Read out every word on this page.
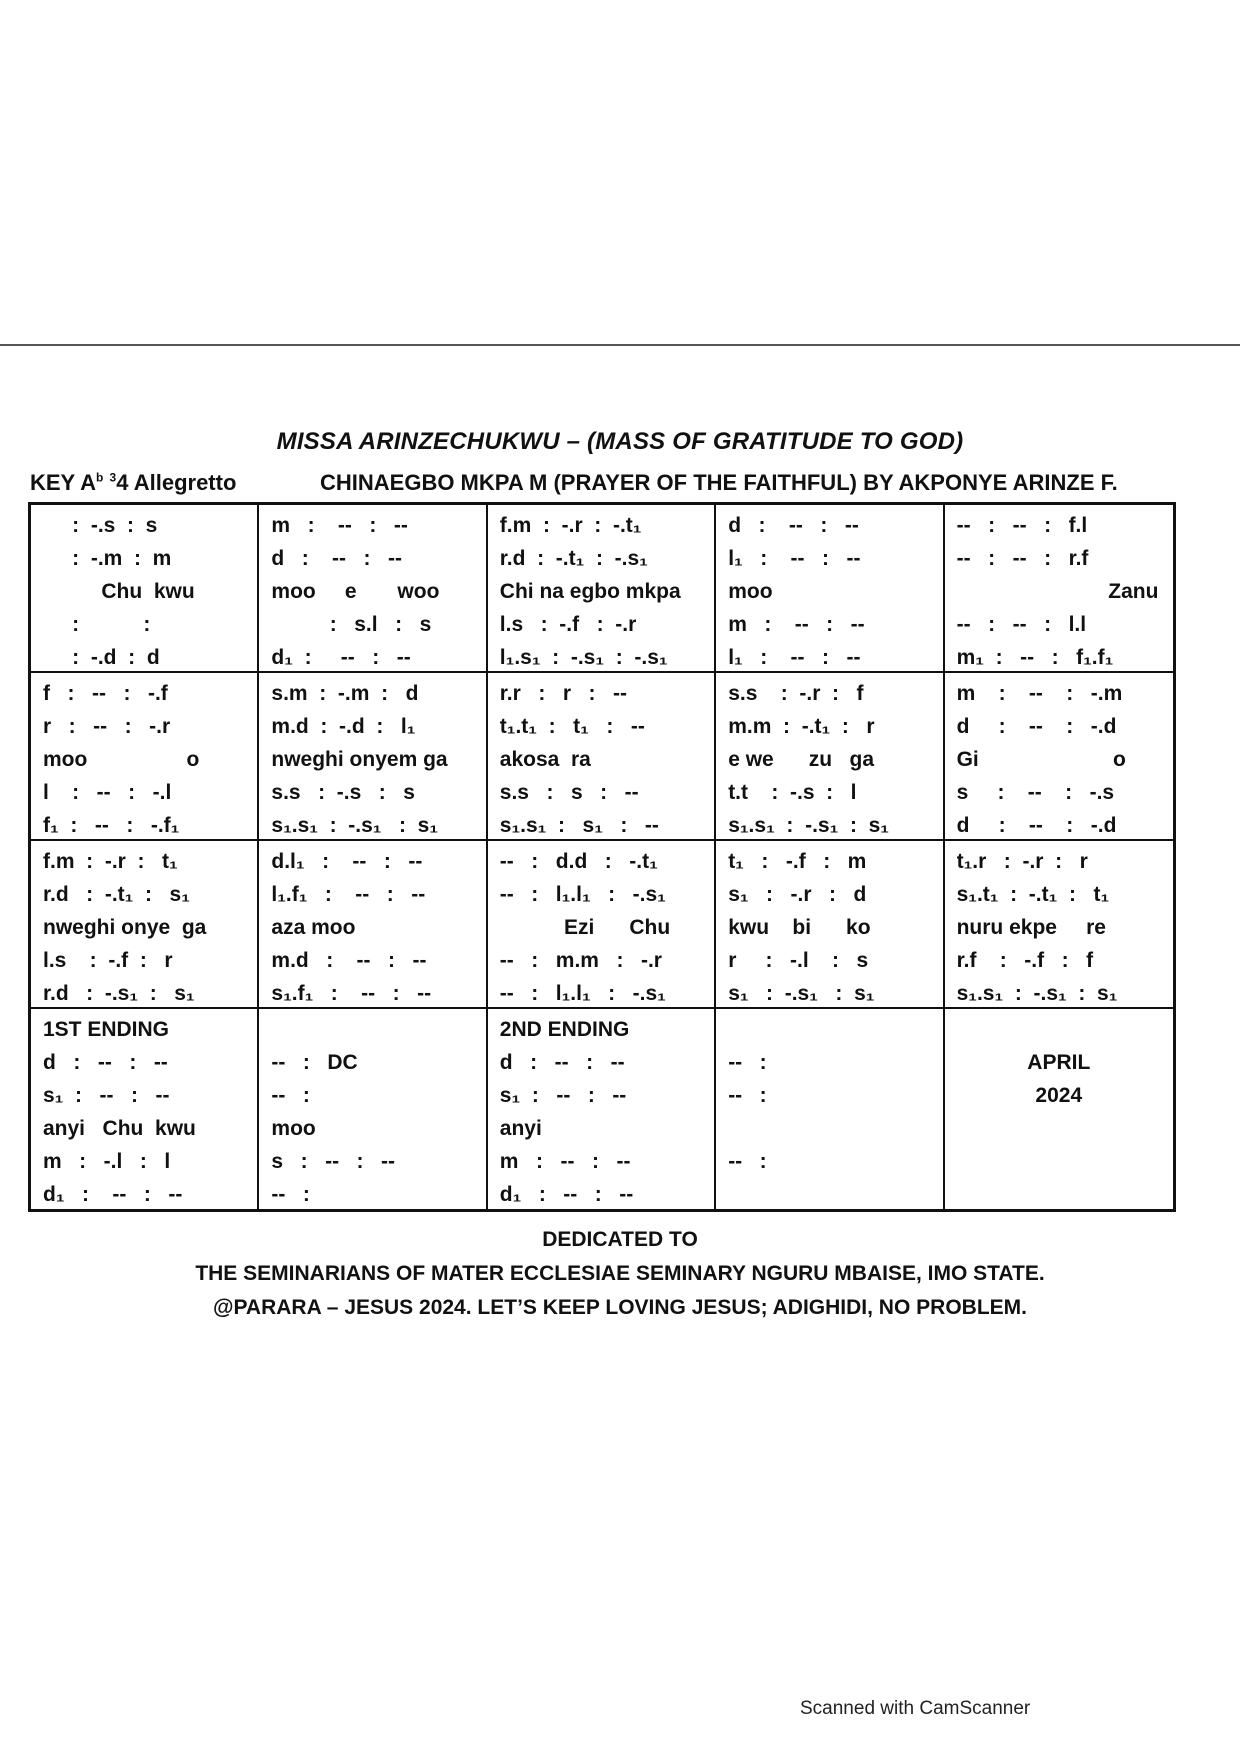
MISSA ARINZECHUKWU – (MASS OF GRATITUDE TO GOD)
KEY $A^b$ $^3$4 Allegretto	CHINAEGBO MKPA M (PRAYER OF THE FAITHFUL) BY AKPONYE ARINZE F.
:  -.s  :  s
:  -.m  :  m
Chu  kwu
:           :
:  -.d  :  d
m   :    --   :   --
d   :    --   :   --
moo     e       woo
:   s.l   :   s
d₁  :     --   :   --
f.m  :  -.r  :  -.t₁
r.d  :  -.t₁  :  -.s₁
Chi na egbo mkpa
l.s   :  -.f   :  -.r
l₁.s₁  :  -.s₁  :  -.s₁
d   :    --   :   --
l₁   :    --   :   --
moo
m   :    --   :   --
l₁   :    --   :   --
--   :   --   :   f.l
--   :   --   :   r.f
Zanu
--   :   --   :   l.l
m₁  :   --   :   f₁.f₁
f   :   --   :   -.f
r   :   --   :   -.r
moo                 o
l    :   --   :   -.l
f₁  :   --   :   -.f₁
s.m  :  -.m  :   d
m.d  :  -.d  :   l₁
nweghi onyem ga
s.s   :  -.s   :   s
s₁.s₁  :  -.s₁   :  s₁
r.r   :   r   :   --
t₁.t₁  :   t₁   :   --
akosa  ra
s.s   :   s   :   --
s₁.s₁  :   s₁   :   --
s.s    :  -.r  :   f
m.m  :  -.t₁  :   r
e we      zu   ga
t.t    :  -.s  :   l
s₁.s₁  :  -.s₁  :  s₁
m    :    --    :   -.m
d     :    --    :   -.d
Gi                       o
s     :    --    :   -.s
d     :    --    :   -.d
f.m  :  -.r  :   t₁
r.d   :  -.t₁  :   s₁
nweghi onye  ga
l.s    :  -.f  :   r
r.d   :  -.s₁  :   s₁
d.l₁   :    --   :   --
l₁.f₁   :    --   :   --
aza moo
m.d   :    --   :   --
s₁.f₁   :    --   :   --
--   :   d.d   :   -.t₁
--   :   l₁.l₁   :   -.s₁
Ezi      Chu
--   :   m.m   :   -.r
--   :   l₁.l₁   :   -.s₁
t₁   :   -.f   :   m
s₁   :   -.r   :   d
kwu    bi      ko
r     :   -.l    :   s
s₁   :  -.s₁   :  s₁
t₁.r   :  -.r  :   r
s₁.t₁  :  -.t₁  :   t₁
nuru ekpe     re
r.f    :   -.f   :   f
s₁.s₁  :  -.s₁  :  s₁
1ST ENDING
d   :   --   :   --
s₁  :   --   :   --
anyi   Chu  kwu
m   :   -.l   :   l
d₁   :    --   :   --
--   :   DC
--   :
moo
s   :   --   :   --
--   :
2ND ENDING
d   :   --   :   --
s₁  :   --   :   --
anyi
m   :   --   :   --
d₁   :   --   :   --
--   :
--   :
--   :
APRIL
2024
DEDICATED TO
THE SEMINARIANS OF MATER ECCLESIAE SEMINARY NGURU MBAISE, IMO STATE.
@PARARA – JESUS 2024. LET’S KEEP LOVING JESUS; ADIGHIDI, NO PROBLEM.
Scanned with CamScanner
